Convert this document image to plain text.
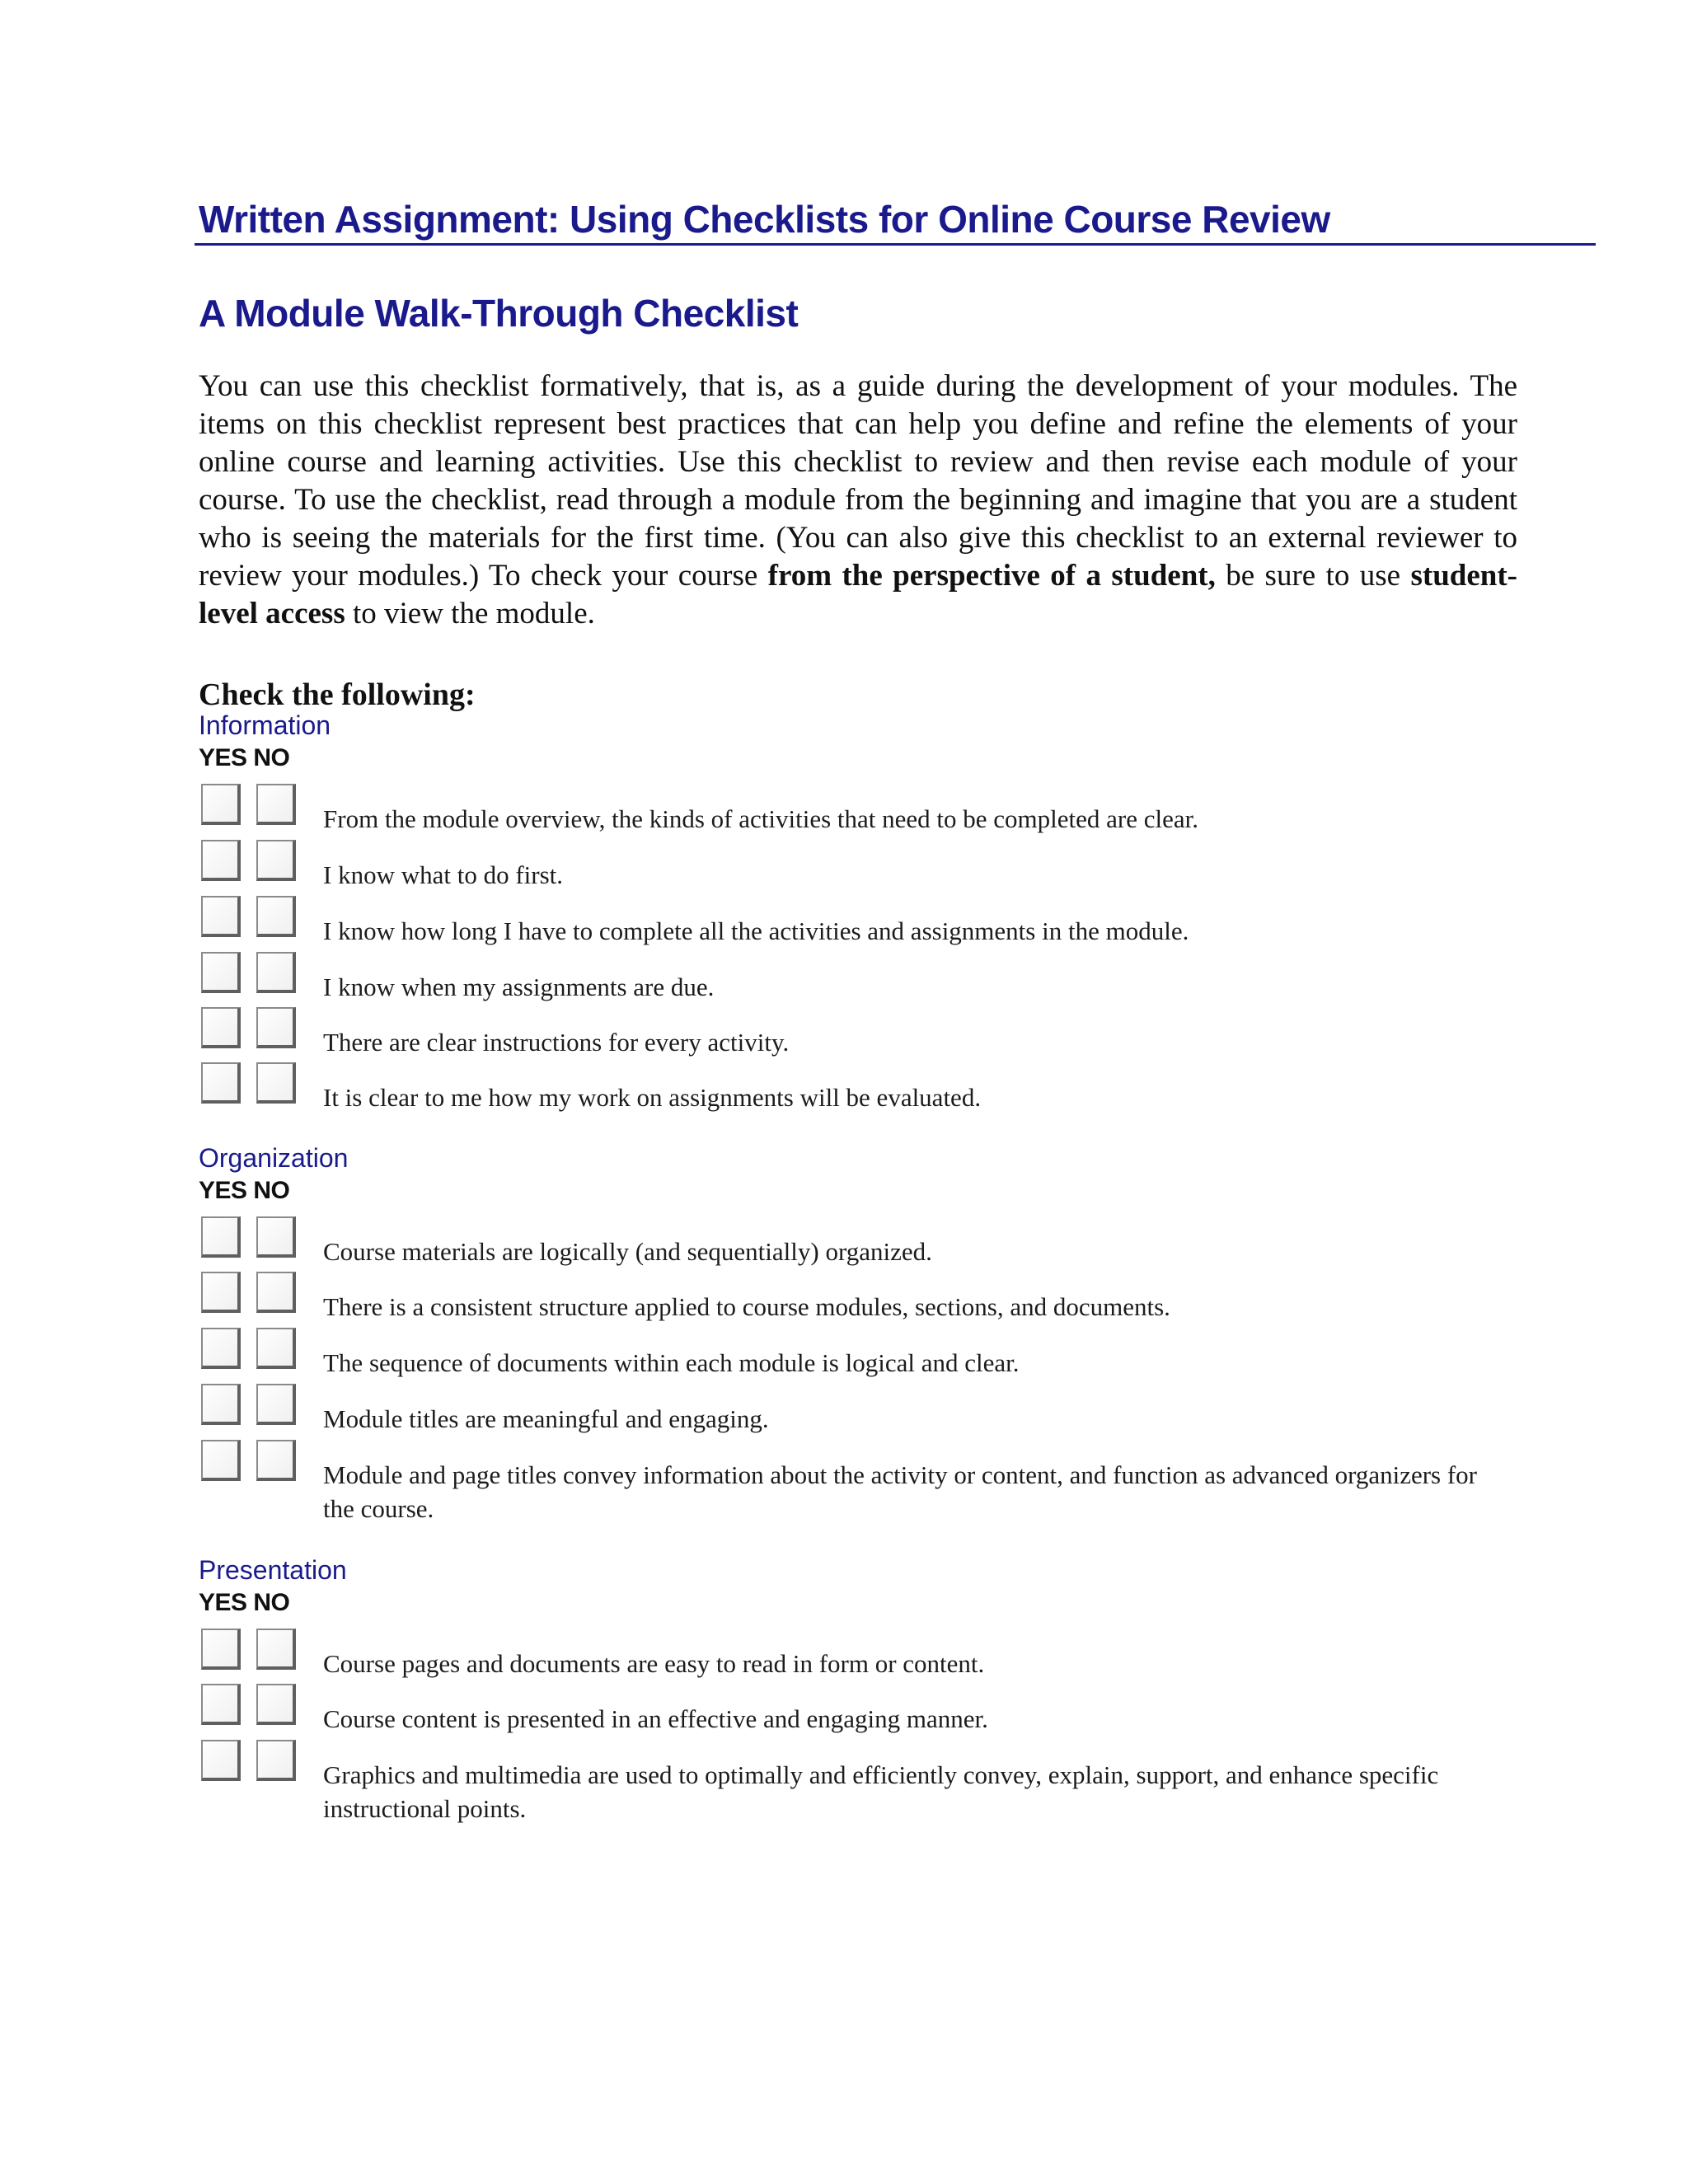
Written Assignment: Using Checklists for Online Course Review
A Module Walk-Through Checklist
You can use this checklist formatively, that is, as a guide during the development of your modules. The items on this checklist represent best practices that can help you define and refine the elements of your online course and learning activities. Use this checklist to review and then revise each module of your course. To use the checklist, read through a module from the beginning and imagine that you are a student who is seeing the materials for the first time. (You can also give this checklist to an external reviewer to review your modules.) To check your course from the perspective of a student, be sure to use student-level access to view the module.
Check the following:
Information
YES NO
From the module overview, the kinds of activities that need to be completed are clear.
I know what to do first.
I know how long I have to complete all the activities and assignments in the module.
I know when my assignments are due.
There are clear instructions for every activity.
It is clear to me how my work on assignments will be evaluated.
Organization
YES NO
Course materials are logically (and sequentially) organized.
There is a consistent structure applied to course modules, sections, and documents.
The sequence of documents within each module is logical and clear.
Module titles are meaningful and engaging.
Module and page titles convey information about the activity or content, and function as advanced organizers for the course.
Presentation
YES NO
Course pages and documents are easy to read in form or content.
Course content is presented in an effective and engaging manner.
Graphics and multimedia are used to optimally and efficiently convey, explain, support, and enhance specific instructional points.
